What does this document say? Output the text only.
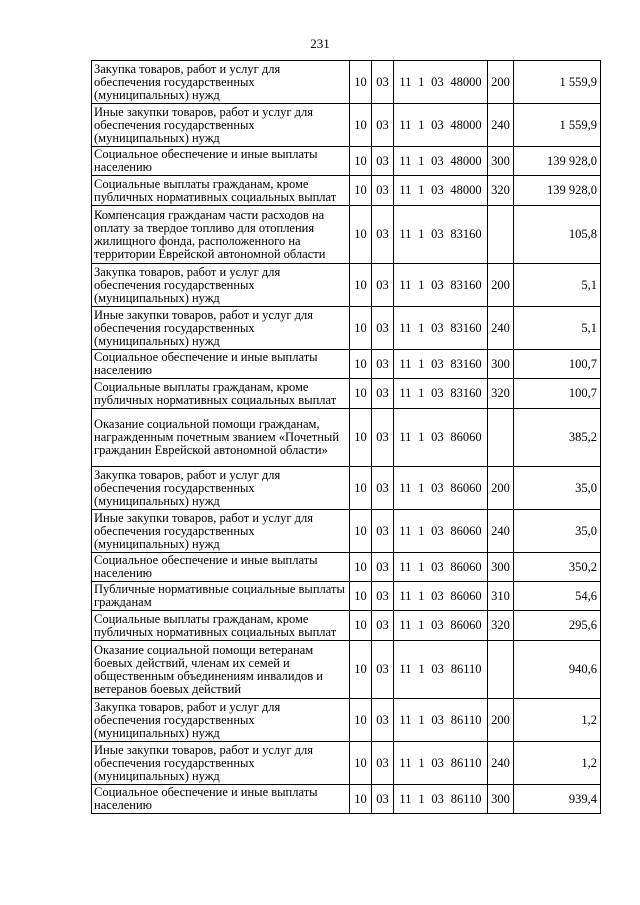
231
Закупка товаров, работ и услуг для обеспечения государственных (муниципальных) нужд	10	03	11 1 03 48000	200	1 559,9
Иные закупки товаров, работ и услуг для обеспечения государственных (муниципальных) нужд	10	03	11 1 03 48000	240	1 559,9
Социальное обеспечение и иные выплаты населению	10	03	11 1 03 48000	300	139 928,0
Социальные выплаты гражданам, кроме публичных нормативных социальных выплат	10	03	11 1 03 48000	320	139 928,0
Компенсация гражданам части расходов на оплату за твердое топливо для отопления жилищного фонда, расположенного на территории Еврейской автономной области	10	03	11 1 03 83160		105,8
Закупка товаров, работ и услуг для обеспечения государственных (муниципальных) нужд	10	03	11 1 03 83160	200	5,1
Иные закупки товаров, работ и услуг для обеспечения государственных (муниципальных) нужд	10	03	11 1 03 83160	240	5,1
Социальное обеспечение и иные выплаты населению	10	03	11 1 03 83160	300	100,7
Социальные выплаты гражданам, кроме публичных нормативных социальных выплат	10	03	11 1 03 83160	320	100,7
Оказание социальной помощи гражданам, награжденным почетным званием «Почетный гражданин Еврейской автономной области»	10	03	11 1 03 86060		385,2
Закупка товаров, работ и услуг для обеспечения государственных (муниципальных) нужд	10	03	11 1 03 86060	200	35,0
Иные закупки товаров, работ и услуг для обеспечения государственных (муниципальных) нужд	10	03	11 1 03 86060	240	35,0
Социальное обеспечение и иные выплаты населению	10	03	11 1 03 86060	300	350,2
Публичные нормативные социальные выплаты гражданам	10	03	11 1 03 86060	310	54,6
Социальные выплаты гражданам, кроме публичных нормативных социальных выплат	10	03	11 1 03 86060	320	295,6
Оказание социальной помощи ветеранам боевых действий, членам их семей и общественным объединениям инвалидов и ветеранов боевых действий	10	03	11 1 03 86110		940,6
Закупка товаров, работ и услуг для обеспечения государственных (муниципальных) нужд	10	03	11 1 03 86110	200	1,2
Иные закупки товаров, работ и услуг для обеспечения государственных (муниципальных) нужд	10	03	11 1 03 86110	240	1,2
Социальное обеспечение и иные выплаты населению	10	03	11 1 03 86110	300	939,4
